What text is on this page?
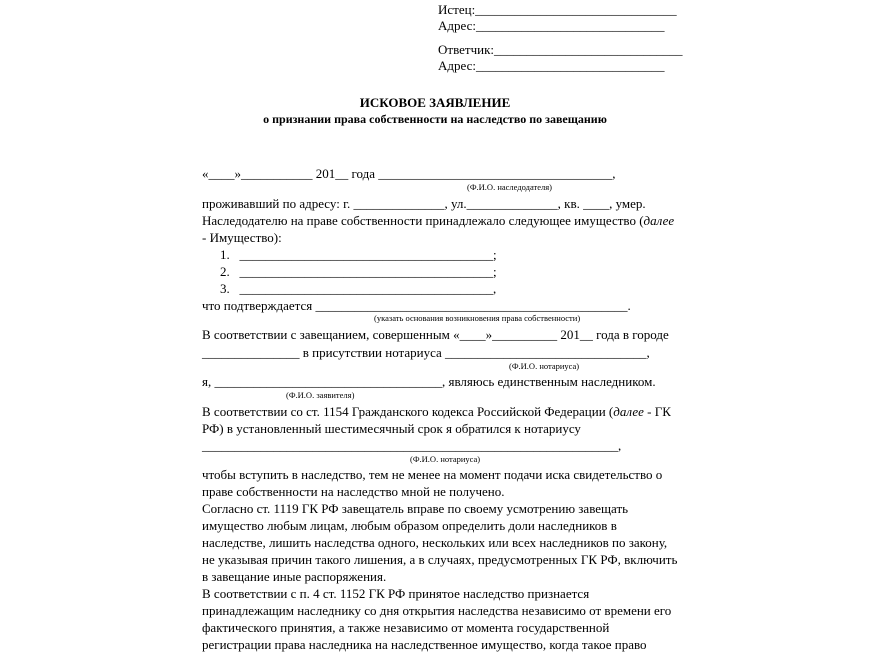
Истец:_______________________________
Адрес:_____________________________
Ответчик:_____________________________
Адрес:_____________________________
ИСКОВОЕ ЗАЯВЛЕНИЕ
о признании права собственности на наследство по завещанию
«____»___________ 201__ года ____________________________________,
(Ф.И.О. наследодателя)
проживавший по адресу: г. ______________, ул.______________, кв. ____, умер.
Наследодателю на праве собственности принадлежало следующее имущество (далее
- Имущество):
1.   _______________________________________;
2.   _______________________________________;
3.   _______________________________________,
что подтверждается ________________________________________________.
(указать основания возникновения права собственности)
В соответствии с завещанием, совершенным «____»__________ 201__ года в городе
_______________ в присутствии нотариуса _______________________________,
(Ф.И.О. нотариуса)
я, ___________________________________, являюсь единственным наследником.
(Ф.И.О. заявителя)
В соответствии со ст. 1154 Гражданского кодекса Российской Федерации (далее - ГК
РФ) в установленный шестимесячный срок я обратился к нотариусу
________________________________________________________________,
(Ф.И.О. нотариуса)
чтобы вступить в наследство, тем не менее на момент подачи иска свидетельство о
праве собственности на наследство мной не получено.
Согласно ст. 1119 ГК РФ завещатель вправе по своему усмотрению завещать
имущество любым лицам, любым образом определить доли наследников в
наследстве, лишить наследства одного, нескольких или всех наследников по закону,
не указывая причин такого лишения, а в случаях, предусмотренных ГК РФ, включить
в завещание иные распоряжения.
В соответствии с п. 4 ст. 1152 ГК РФ принятое наследство признается
принадлежащим наследнику со дня открытия наследства независимо от времени его
фактического принятия, а также независимо от момента государственной
регистрации права наследника на наследственное имущество, когда такое право
